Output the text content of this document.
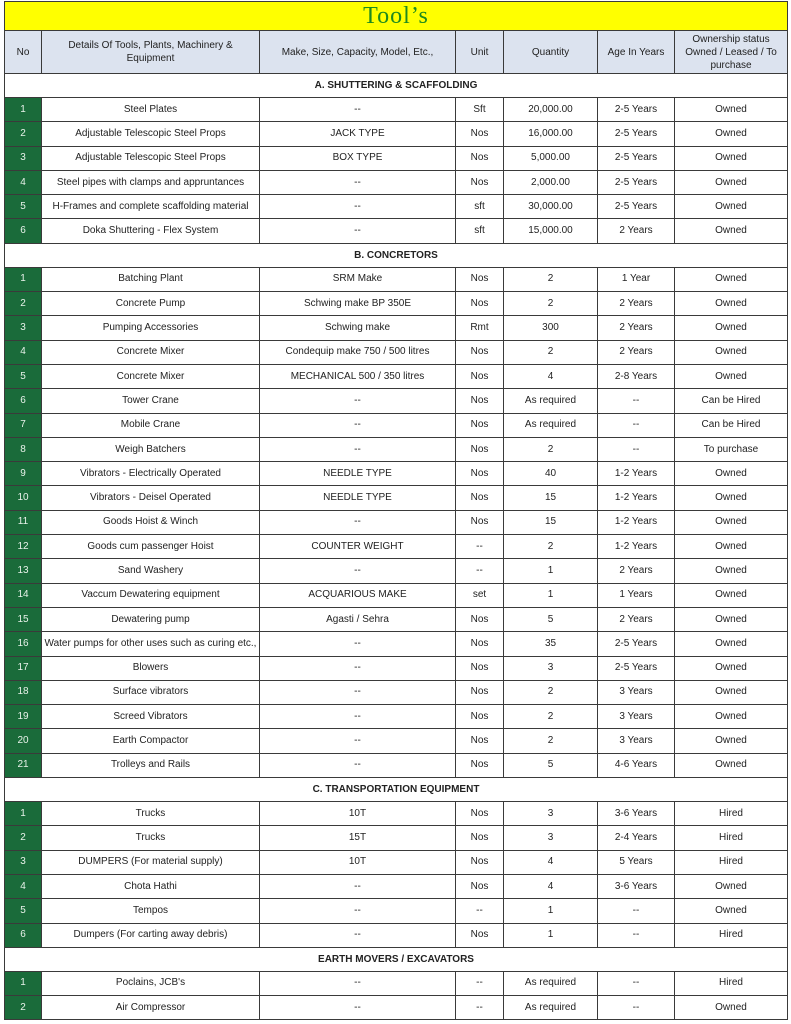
Tool’s						
No	Details Of Tools, Plants, Machinery & Equipment	Make, Size, Capacity, Model, Etc.,	Unit	Quantity	Age In Years	Ownership status Owned / Leased / To purchase
A. SHUTTERING & SCAFFOLDING						
1	Steel Plates	--	Sft	20,000.00	2-5 Years	Owned
2	Adjustable Telescopic Steel Props	JACK TYPE	Nos	16,000.00	2-5 Years	Owned
3	Adjustable Telescopic Steel Props	BOX TYPE	Nos	5,000.00	2-5 Years	Owned
4	Steel pipes with clamps and appruntances	--	Nos	2,000.00	2-5 Years	Owned
5	H-Frames and complete scaffolding material	--	sft	30,000.00	2-5 Years	Owned
6	Doka Shuttering - Flex System	--	sft	15,000.00	2 Years	Owned
B. CONCRETORS						
1	Batching Plant	SRM Make	Nos	2	1 Year	Owned
2	Concrete Pump	Schwing make BP 350E	Nos	2	2 Years	Owned
3	Pumping Accessories	Schwing make	Rmt	300	2 Years	Owned
4	Concrete Mixer	Condequip make 750 / 500 litres	Nos	2	2 Years	Owned
5	Concrete Mixer	MECHANICAL 500 / 350 litres	Nos	4	2-8 Years	Owned
6	Tower Crane	--	Nos	As required	--	Can be Hired
7	Mobile Crane	--	Nos	As required	--	Can be Hired
8	Weigh Batchers	--	Nos	2	--	To purchase
9	Vibrators - Electrically Operated	NEEDLE TYPE	Nos	40	1-2 Years	Owned
10	Vibrators - Deisel Operated	NEEDLE TYPE	Nos	15	1-2 Years	Owned
11	Goods Hoist & Winch	--	Nos	15	1-2 Years	Owned
12	Goods cum passenger Hoist	COUNTER WEIGHT	--	2	1-2 Years	Owned
13	Sand Washery	--	--	1	2 Years	Owned
14	Vaccum Dewatering equipment	ACQUARIOUS MAKE	set	1	1 Years	Owned
15	Dewatering pump	Agasti / Sehra	Nos	5	2 Years	Owned
16	Water pumps for other uses such as curing etc.,	--	Nos	35	2-5 Years	Owned
17	Blowers	--	Nos	3	2-5 Years	Owned
18	Surface vibrators	--	Nos	2	3 Years	Owned
19	Screed Vibrators	--	Nos	2	3 Years	Owned
20	Earth Compactor	--	Nos	2	3 Years	Owned
21	Trolleys and Rails	--	Nos	5	4-6 Years	Owned
C. TRANSPORTATION EQUIPMENT						
1	Trucks	10T	Nos	3	3-6 Years	Hired
2	Trucks	15T	Nos	3	2-4 Years	Hired
3	DUMPERS (For material supply)	10T	Nos	4	5 Years	Hired
4	Chota Hathi	--	Nos	4	3-6 Years	Owned
5	Tempos	--	--	1	--	Owned
6	Dumpers (For carting away debris)	--	Nos	1	--	Hired
EARTH MOVERS / EXCAVATORS						
1	Poclains, JCB's	--	--	As required	--	Hired
2	Air Compressor	--	--	As required	--	Owned
